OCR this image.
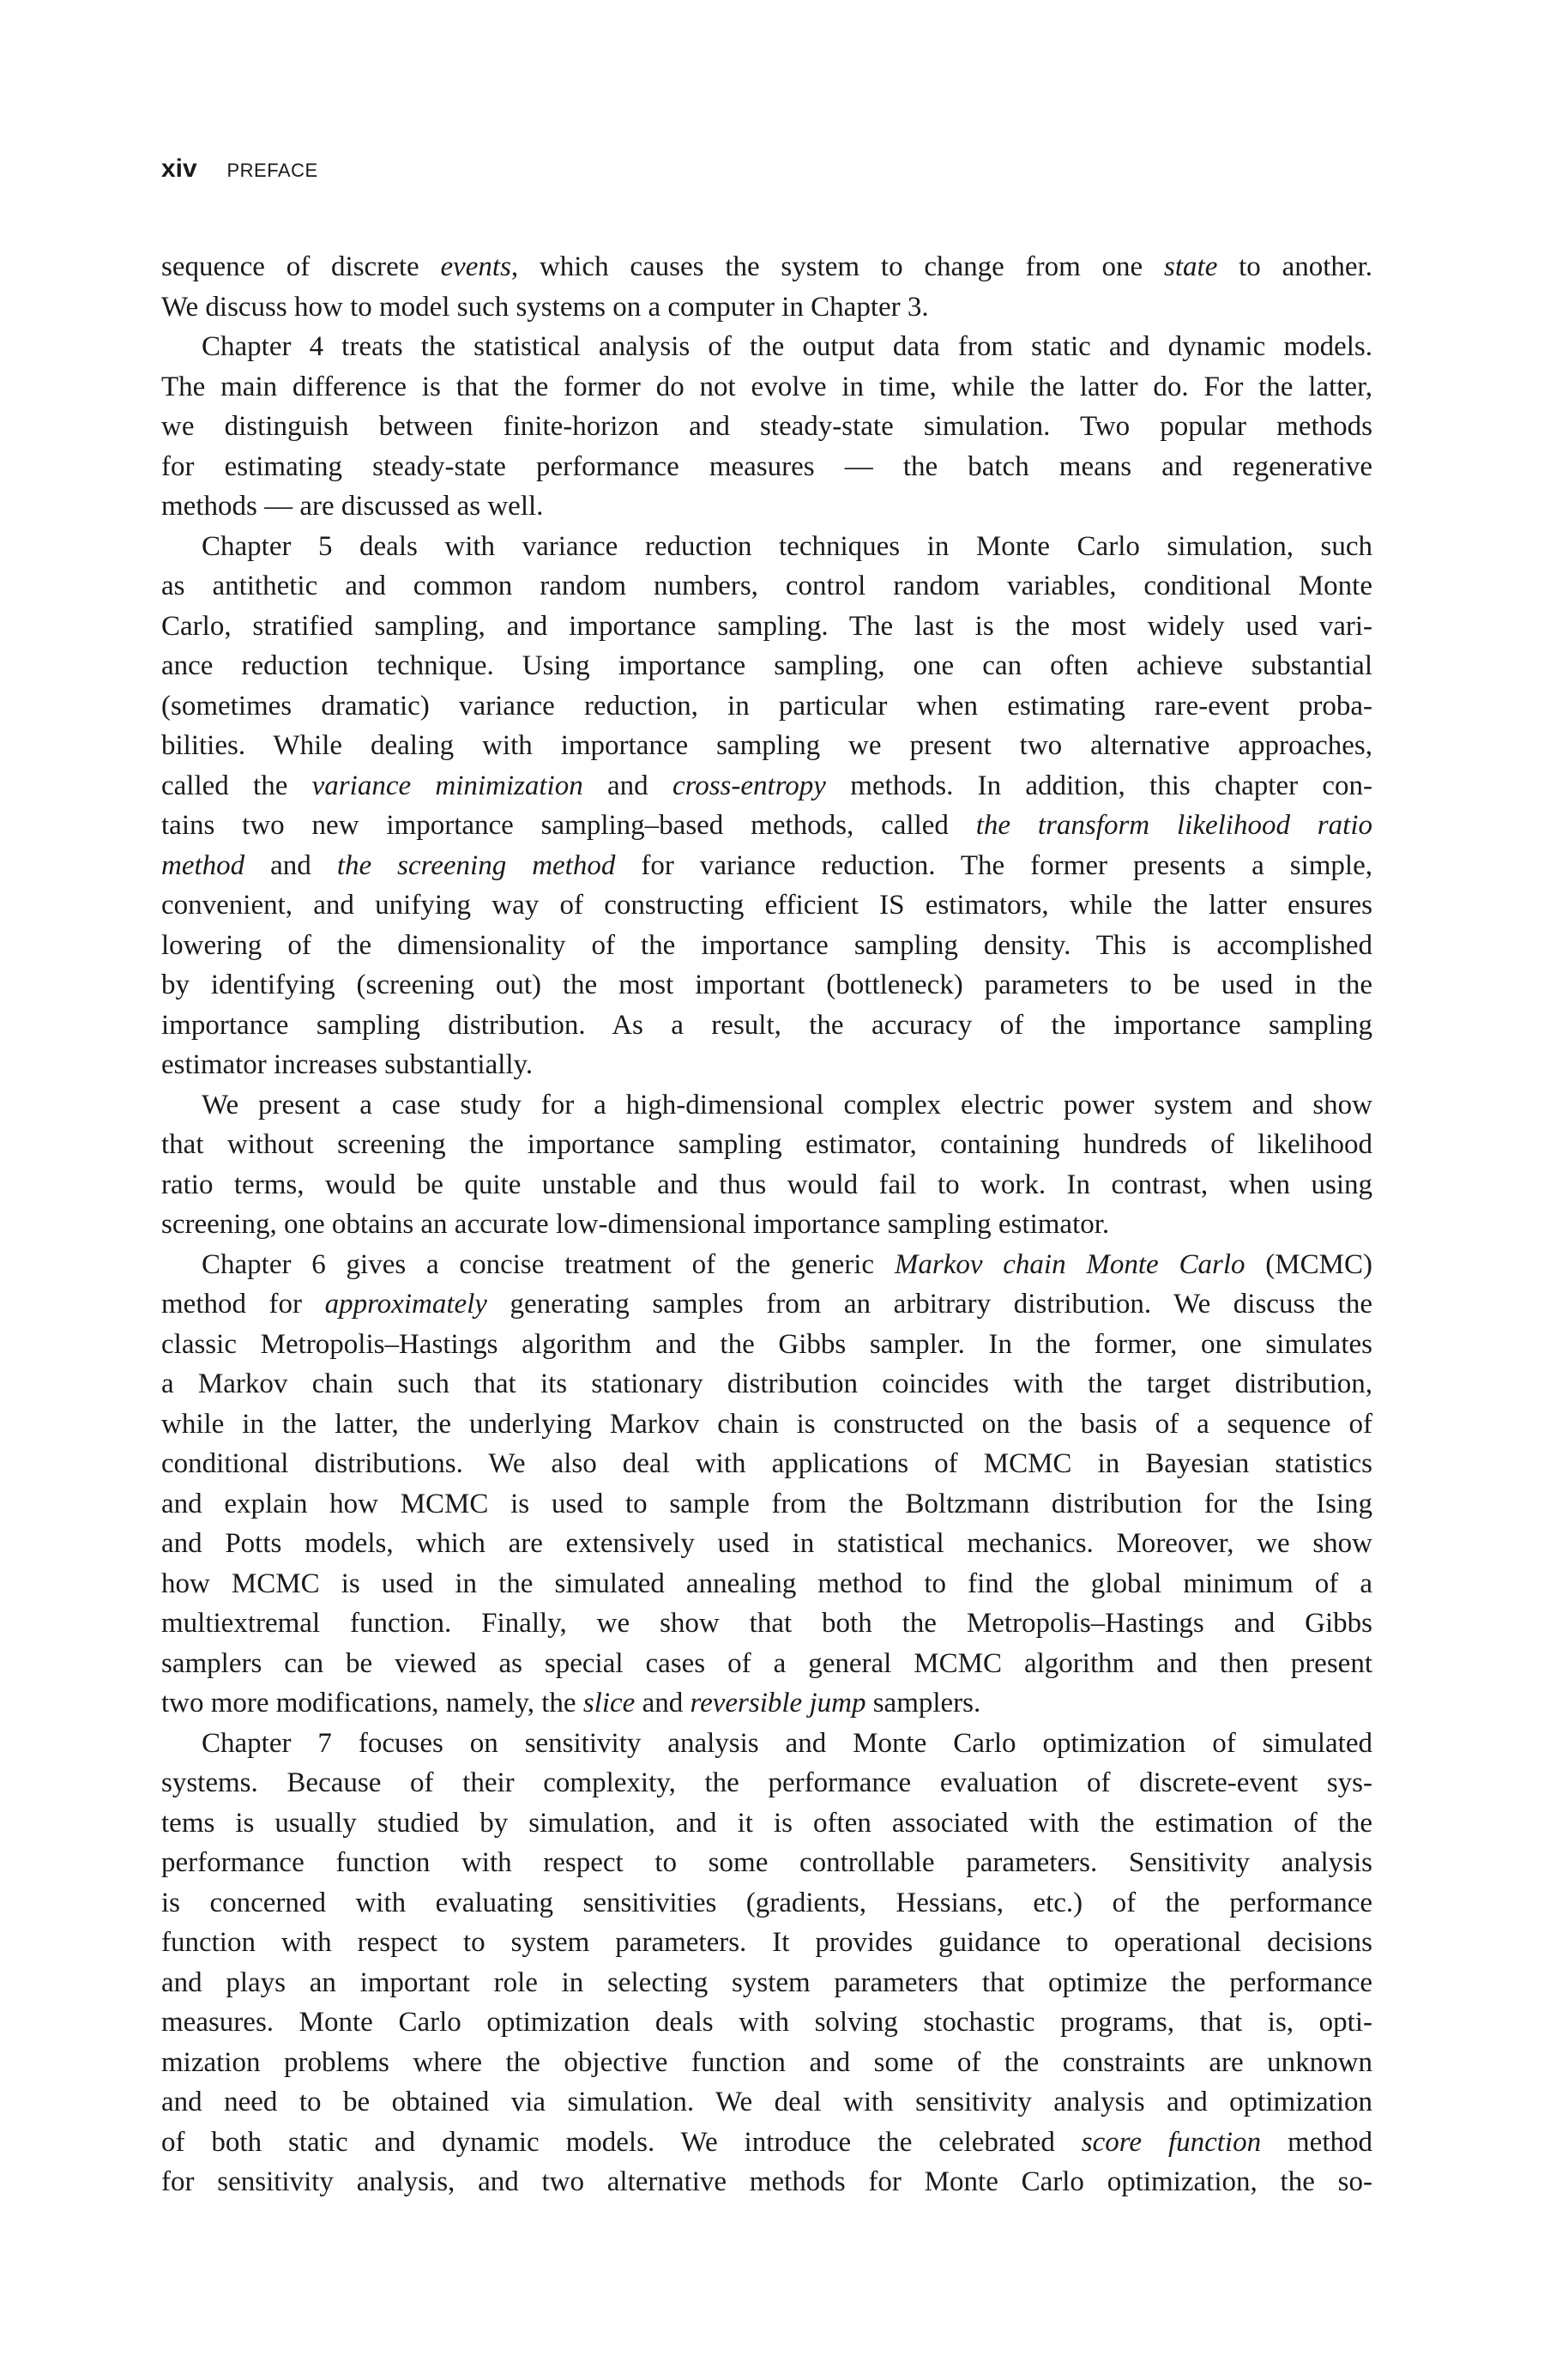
xiv PREFACE
sequence of discrete events, which causes the system to change from one state to another.
We discuss how to model such systems on a computer in Chapter 3.
Chapter 4 treats the statistical analysis of the output data from static and dynamic models.
The main difference is that the former do not evolve in time, while the latter do. For the latter,
we distinguish between finite-horizon and steady-state simulation. Two popular methods
for estimating steady-state performance measures — the batch means and regenerative
methods — are discussed as well.
Chapter 5 deals with variance reduction techniques in Monte Carlo simulation, such
as antithetic and common random numbers, control random variables, conditional Monte
Carlo, stratified sampling, and importance sampling. The last is the most widely used vari-
ance reduction technique. Using importance sampling, one can often achieve substantial
(sometimes dramatic) variance reduction, in particular when estimating rare-event proba-
bilities. While dealing with importance sampling we present two alternative approaches,
called the variance minimization and cross-entropy methods. In addition, this chapter con-
tains two new importance sampling–based methods, called the transform likelihood ratio
method and the screening method for variance reduction. The former presents a simple,
convenient, and unifying way of constructing efficient IS estimators, while the latter ensures
lowering of the dimensionality of the importance sampling density. This is accomplished
by identifying (screening out) the most important (bottleneck) parameters to be used in the
importance sampling distribution. As a result, the accuracy of the importance sampling
estimator increases substantially.
We present a case study for a high-dimensional complex electric power system and show
that without screening the importance sampling estimator, containing hundreds of likelihood
ratio terms, would be quite unstable and thus would fail to work. In contrast, when using
screening, one obtains an accurate low-dimensional importance sampling estimator.
Chapter 6 gives a concise treatment of the generic Markov chain Monte Carlo (MCMC)
method for approximately generating samples from an arbitrary distribution. We discuss the
classic Metropolis–Hastings algorithm and the Gibbs sampler. In the former, one simulates
a Markov chain such that its stationary distribution coincides with the target distribution,
while in the latter, the underlying Markov chain is constructed on the basis of a sequence of
conditional distributions. We also deal with applications of MCMC in Bayesian statistics
and explain how MCMC is used to sample from the Boltzmann distribution for the Ising
and Potts models, which are extensively used in statistical mechanics. Moreover, we show
how MCMC is used in the simulated annealing method to find the global minimum of a
multiextremal function. Finally, we show that both the Metropolis–Hastings and Gibbs
samplers can be viewed as special cases of a general MCMC algorithm and then present
two more modifications, namely, the slice and reversible jump samplers.
Chapter 7 focuses on sensitivity analysis and Monte Carlo optimization of simulated
systems. Because of their complexity, the performance evaluation of discrete-event sys-
tems is usually studied by simulation, and it is often associated with the estimation of the
performance function with respect to some controllable parameters. Sensitivity analysis
is concerned with evaluating sensitivities (gradients, Hessians, etc.) of the performance
function with respect to system parameters. It provides guidance to operational decisions
and plays an important role in selecting system parameters that optimize the performance
measures. Monte Carlo optimization deals with solving stochastic programs, that is, opti-
mization problems where the objective function and some of the constraints are unknown
and need to be obtained via simulation. We deal with sensitivity analysis and optimization
of both static and dynamic models. We introduce the celebrated score function method
for sensitivity analysis, and two alternative methods for Monte Carlo optimization, the so-
